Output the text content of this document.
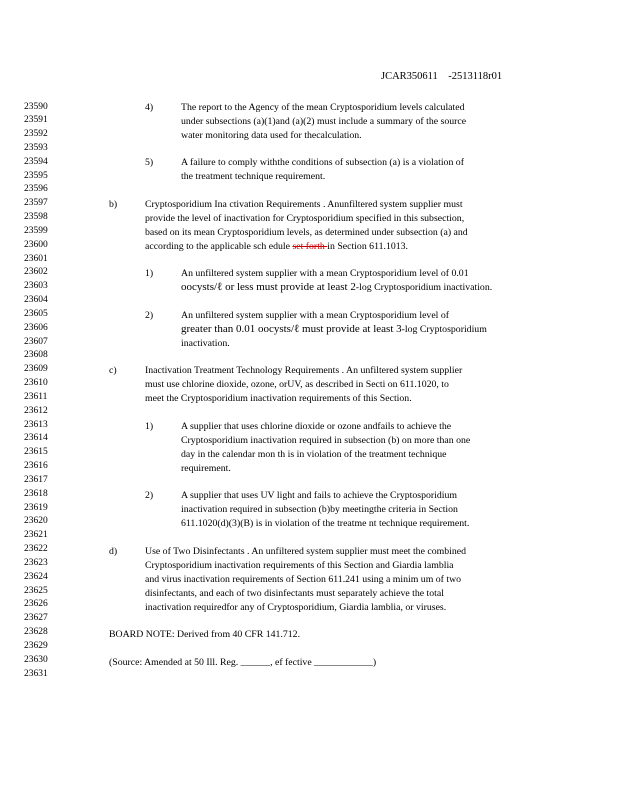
JCAR350611    -2513118r01
23590
23591
23592
23593
23594
23595
23596
23597
23598
23599
23600
23601
23602
23603
23604
23605
23606
23607
23608
23609
23610
23611
23612
23613
23614
23615
23616
23617
23618
23619
23620
23621
23622
23623
23624
23625
23626
23627
23628
23629
23630
23631
4)	The report to the Agency of the mean Cryptosporidium levels calculated
under subsections (a)(1)and (a)(2) must include a summary of the source
water monitoring data used for thecalculation.
5)	A failure to comply withthe conditions of subsection (a) is a violation of
the treatment technique requirement.
b)	Cryptosporidium Ina ctivation Requirements . Anunfiltered system supplier must
provide the level of inactivation for Cryptosporidium specified in this subsection,
based on its mean Cryptosporidium levels, as determined under subsection (a) and
according to the applicable sch edule set forth in Section 611.1013.
1)	An unfiltered system supplier with a mean Cryptosporidium level of 0.01
oocysts/ℓ or less must provide at least 2-log Cryptosporidium inactivation.
2)	An unfiltered system supplier with a mean Cryptosporidium level of
greater than 0.01 oocysts/ℓ must provide at least 3-log Cryptosporidium
inactivation.
c)	Inactivation Treatment Technology Requirements . An unfiltered system supplier
must use chlorine dioxide, ozone, orUV, as described in Secti on 611.1020, to
meet the Cryptosporidium inactivation requirements of this Section.
1)	A supplier that uses chlorine dioxide or ozone andfails to achieve the
Cryptosporidium inactivation required in subsection (b) on more than one
day in the calendar mon th is in violation of the treatment technique
requirement.
2)	A supplier that uses UV light and fails to achieve the Cryptosporidium
inactivation required in subsection (b)by meetingthe criteria in Section
611.1020(d)(3)(B) is in violation of the treatme nt technique requirement.
d)	Use of Two Disinfectants . An unfiltered system supplier must meet the combined
Cryptosporidium inactivation requirements of this Section and Giardia lamblia
and virus inactivation requirements of Section 611.241 using a minim um of two
disinfectants, and each of two disinfectants must separately achieve the total
inactivation requiredfor any of Cryptosporidium, Giardia lamblia, or viruses.
BOARD NOTE: Derived from 40 CFR 141.712.
(Source: Amended at 50 Ill. Reg. ______, ef fective ____________)
